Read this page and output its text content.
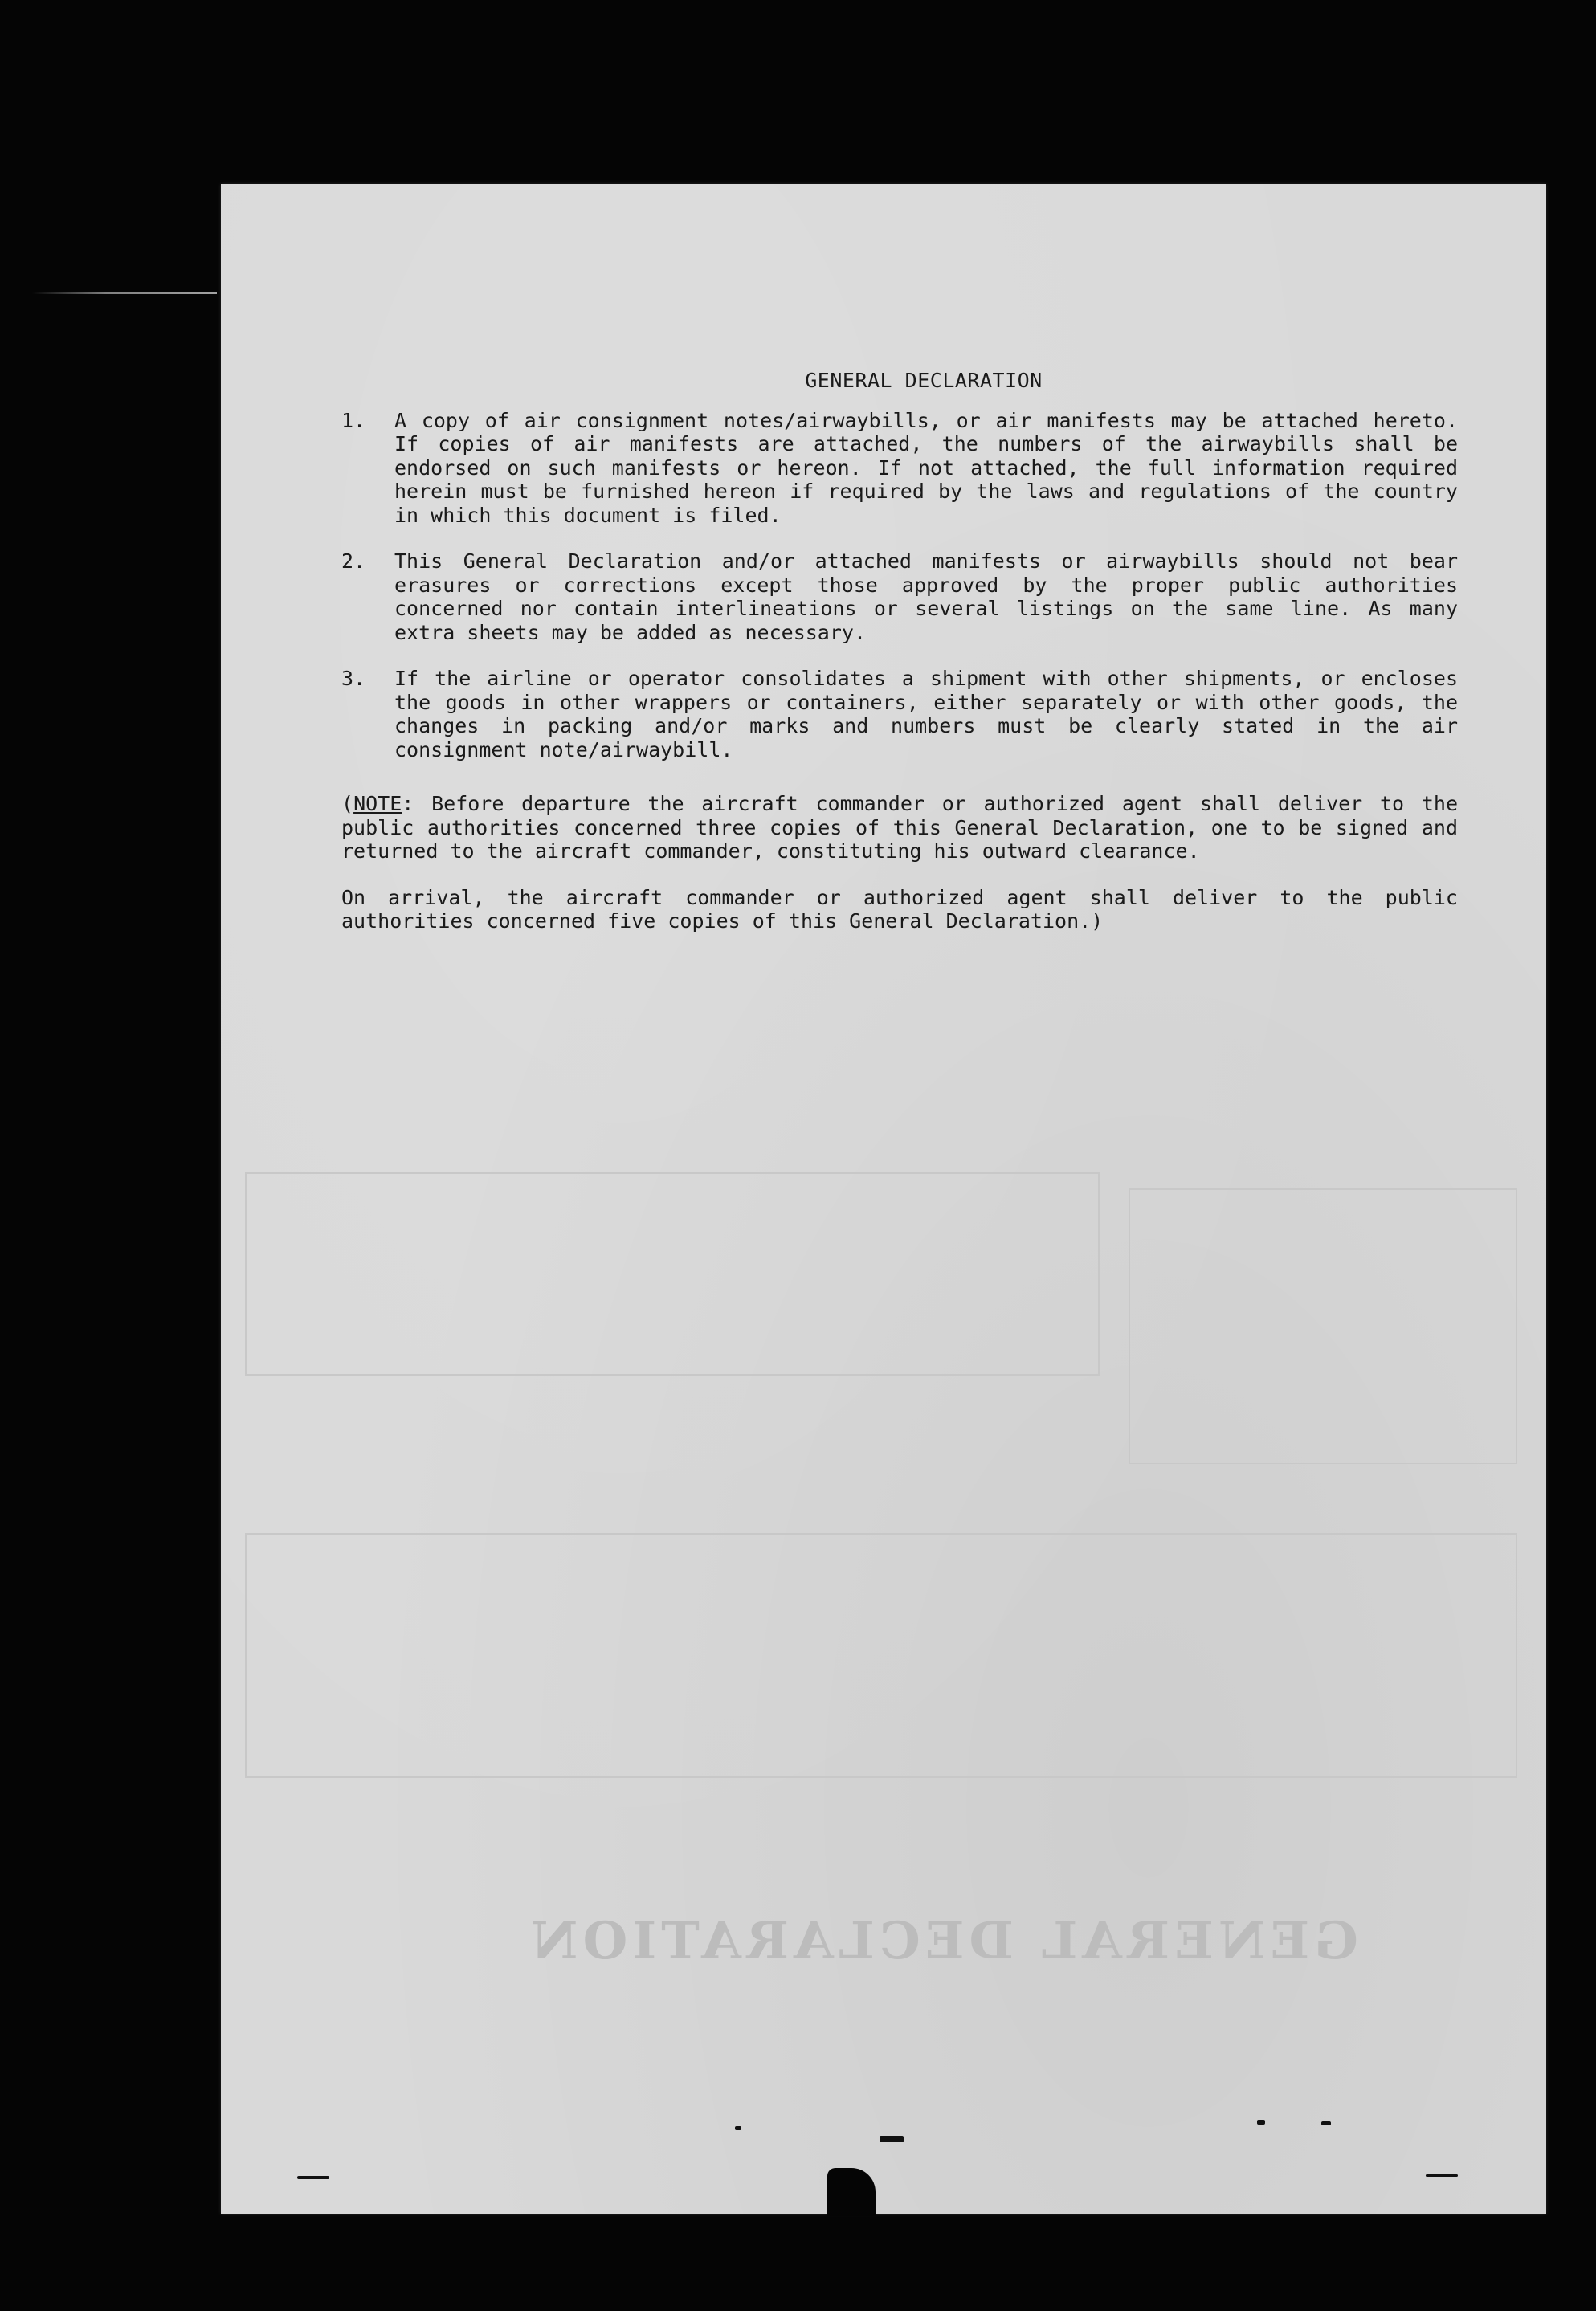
GENERAL DECLARATION
GENERAL DECLARATION
1.	A copy of air consignment notes/airwaybills, or air manifests may be attached hereto. If copies of air manifests are attached, the numbers of the airwaybills shall be endorsed on such manifests or hereon. If not attached, the full information required herein must be furnished hereon if required by the laws and regulations of the country in which this document is filed.
2.	This General Declaration and/or attached manifests or airwaybills should not bear erasures or corrections except those approved by the proper public authorities concerned nor contain interlineations or several listings on the same line. As many extra sheets may be added as necessary.
3.	If the airline or operator consolidates a shipment with other shipments, or encloses the goods in other wrappers or containers, either separately or with other goods, the changes in packing and/or marks and numbers must be clearly stated in the air consignment note/airwaybill.
(NOTE: Before departure the aircraft commander or authorized agent shall deliver to the public authorities concerned three copies of this General Declaration, one to be signed and returned to the aircraft commander, constituting his outward clearance.
On arrival, the aircraft commander or authorized agent shall deliver to the public authorities concerned five copies of this General Declaration.)
